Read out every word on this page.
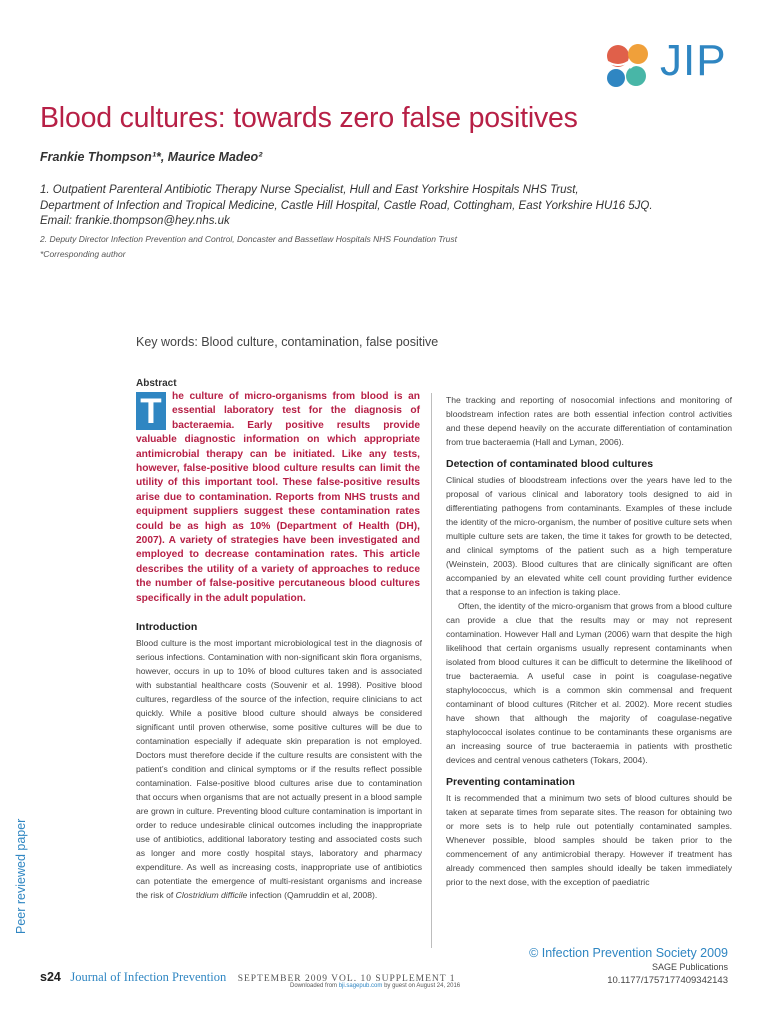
JIP
Blood cultures: towards zero false positives
Frankie Thompson¹*, Maurice Madeo²
1. Outpatient Parenteral Antibiotic Therapy Nurse Specialist, Hull and East Yorkshire Hospitals NHS Trust,
Department of Infection and Tropical Medicine, Castle Hill Hospital, Castle Road, Cottingham, East Yorkshire HU16 5JQ.
Email: frankie.thompson@hey.nhs.uk
2. Deputy Director Infection Prevention and Control, Doncaster and Bassetlaw Hospitals NHS Foundation Trust
*Corresponding author
Key words: Blood culture, contamination, false positive
Abstract

he culture of micro-organisms from blood is an essential laboratory test for the diagnosis of bacteraemia. Early positive results provide valuable diagnostic information on which appropriate antimicrobial therapy can be initiated. Like any tests, however, false-positive blood culture results can limit the utility of this important tool. These false-positive results arise due to contamination. Reports from NHS trusts and equipment suppliers suggest these contamination rates could be as high as 10% (Department of Health (DH), 2007). A variety of strategies have been investigated and employed to decrease contamination rates. This article describes the utility of a variety of approaches to reduce the number of false-positive percutaneous blood cultures specifically in the adult population.

T
Introduction

Blood culture is the most important microbiological test in the diagnosis of serious infections. Contamination with non-significant skin flora organisms, however, occurs in up to 10% of blood cultures taken and is associated with substantial healthcare costs (Souvenir et al. 1998). Positive blood cultures, regardless of the source of the infection, require clinicians to act quickly. While a positive blood culture should always be considered significant until proven otherwise, some positive cultures will be due to contamination especially if adequate skin preparation is not employed. Doctors must therefore decide if the culture results are consistent with the patient’s condition and clinical symptoms or if the results reflect possible contamination. False-positive blood cultures arise due to contamination that occurs when organisms that are not actually present in a blood sample are grown in culture. Preventing blood culture contamination is important in order to reduce undesirable clinical outcomes including the inappropriate use of antibiotics, additional laboratory testing and associated costs such as longer and more costly hospital stays, laboratory and pharmacy expenditure. As well as increasing costs, inappropriate use of antibiotics can potentiate the emergence of multi-resistant organisms and increase the risk of Clostridium difficile infection (Qamruddin et al, 2008).

The tracking and reporting of nosocomial infections and monitoring of bloodstream infection rates are both essential infection control activities and these depend heavily on the accurate differentiation of contamination from true bacteraemia (Hall and Lyman, 2006).

Detection of contaminated blood cultures

Clinical studies of bloodstream infections over the years have led to the proposal of various clinical and laboratory tools designed to aid in differentiating pathogens from contaminants. Examples of these include the identity of the micro-organism, the number of positive culture sets when multiple culture sets are taken, the time it takes for growth to be detected, and clinical symptoms of the patient such as a high temperature (Weinstein, 2003). Blood cultures that are clinically significant are often accompanied by an elevated white cell count providing further evidence that a response to an infection is taking place.

Often, the identity of the micro-organism that grows from a blood culture can provide a clue that the results may or may not represent contamination. However Hall and Lyman (2006) warn that despite the high likelihood that certain organisms usually represent contaminants when isolated from blood cultures it can be difficult to determine the likelihood of true bacteraemia. A useful case in point is coagulase-negative staphylococcus, which is a common skin commensal and frequent contaminant of blood cultures (Ritcher et al. 2002). More recent studies have shown that although the majority of coagulase-negative staphylococcal isolates continue to be contaminants these organisms are an increasing source of true bacteraemia in patients with prosthetic devices and central venous catheters (Tokars, 2004).

Preventing contamination

It is recommended that a minimum two sets of blood cultures should be taken at separate times from separate sites. The reason for obtaining two or more sets is to help rule out potentially contaminated samples. Whenever possible, blood samples should be taken prior to the commencement of any antimicrobial therapy. However if treatment has already commenced then samples should ideally be taken immediately prior to the next dose, with the exception of paediatric

Peer reviewed paper
© Infection Prevention Society 2009
SAGE Publications
10.1177/1757177409342143
s24 Journal of Infection Prevention SEPTEMBER 2009 VOL. 10 SUPPLEMENT 1
Downloaded from bji.sagepub.com by guest on August 24, 2016
